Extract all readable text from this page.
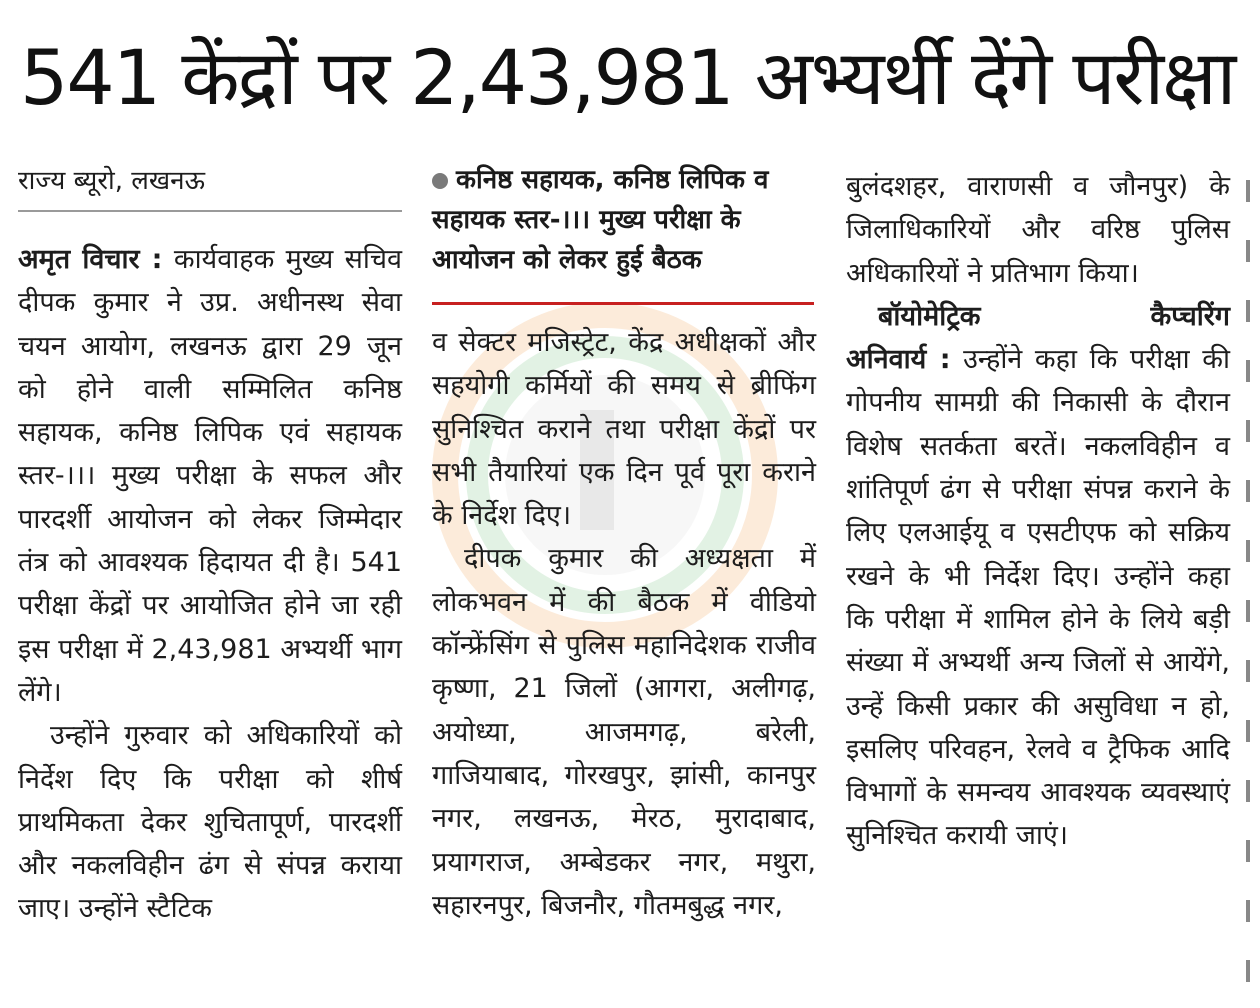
541 केंद्रों पर 2,43,981 अभ्यर्थी देंगे परीक्षा
राज्य ब्यूरो, लखनऊ

अमृत विचार : कार्यवाहक मुख्य सचिव दीपक कुमार ने उप्र. अधीनस्थ सेवा चयन आयोग, लखनऊ द्वारा 29 जून को होने वाली सम्मिलित कनिष्ठ सहायक, कनिष्ठ लिपिक एवं सहायक स्तर-।।। मुख्य परीक्षा के सफल और पारदर्शी आयोजन को लेकर जिम्मेदार तंत्र को आवश्यक हिदायत दी है। 541 परीक्षा केंद्रों पर आयोजित होने जा रही इस परीक्षा में 2,43,981 अभ्यर्थी भाग लेंगे।

उन्होंने गुरुवार को अधिकारियों को निर्देश दिए कि परीक्षा को शीर्ष प्राथमिकता देकर शुचितापूर्ण, पारदर्शी और नकलविहीन ढंग से संपन्न कराया जाए। उन्होंने स्टैटिक

कनिष्ठ सहायक, कनिष्ठ लिपिक व सहायक स्तर-।।। मुख्य परीक्षा के आयोजन को लेकर हुई बैठक

व सेक्टर मजिस्ट्रेट, केंद्र अधीक्षकों और सहयोगी कर्मियों की समय से ब्रीफिंग सुनिश्चित कराने तथा परीक्षा केंद्रों पर सभी तैयारियां एक दिन पूर्व पूरा कराने के निर्देश दिए।

दीपक कुमार की अध्यक्षता में लोकभवन में की बैठक में वीडियो कॉन्फ्रेंसिंग से पुलिस महानिदेशक राजीव कृष्णा, 21 जिलों (आगरा, अलीगढ़, अयोध्या, आजमगढ़, बरेली, गाजियाबाद, गोरखपुर, झांसी, कानपुर नगर, लखनऊ, मेरठ, मुरादाबाद, प्रयागराज, अम्बेडकर नगर, मथुरा, सहारनपुर, बिजनौर, गौतमबुद्ध नगर,

बुलंदशहर, वाराणसी व जौनपुर) के जिलाधिकारियों और वरिष्ठ पुलिस अधिकारियों ने प्रतिभाग किया।

बॉयोमेट्रिक कैप्चरिंग

अनिवार्य : उन्होंने कहा कि परीक्षा की गोपनीय सामग्री की निकासी के दौरान विशेष सतर्कता बरतें। नकलविहीन व शांतिपूर्ण ढंग से परीक्षा संपन्न कराने के लिए एलआईयू व एसटीएफ को सक्रिय रखने के भी निर्देश दिए। उन्होंने कहा कि परीक्षा में शामिल होने के लिये बड़ी संख्या में अभ्यर्थी अन्य जिलों से आयेंगे, उन्हें किसी प्रकार की असुविधा न हो, इसलिए परिवहन, रेलवे व ट्रैफिक आदि विभागों के समन्वय आवश्यक व्यवस्थाएं सुनिश्चित करायी जाएं।
